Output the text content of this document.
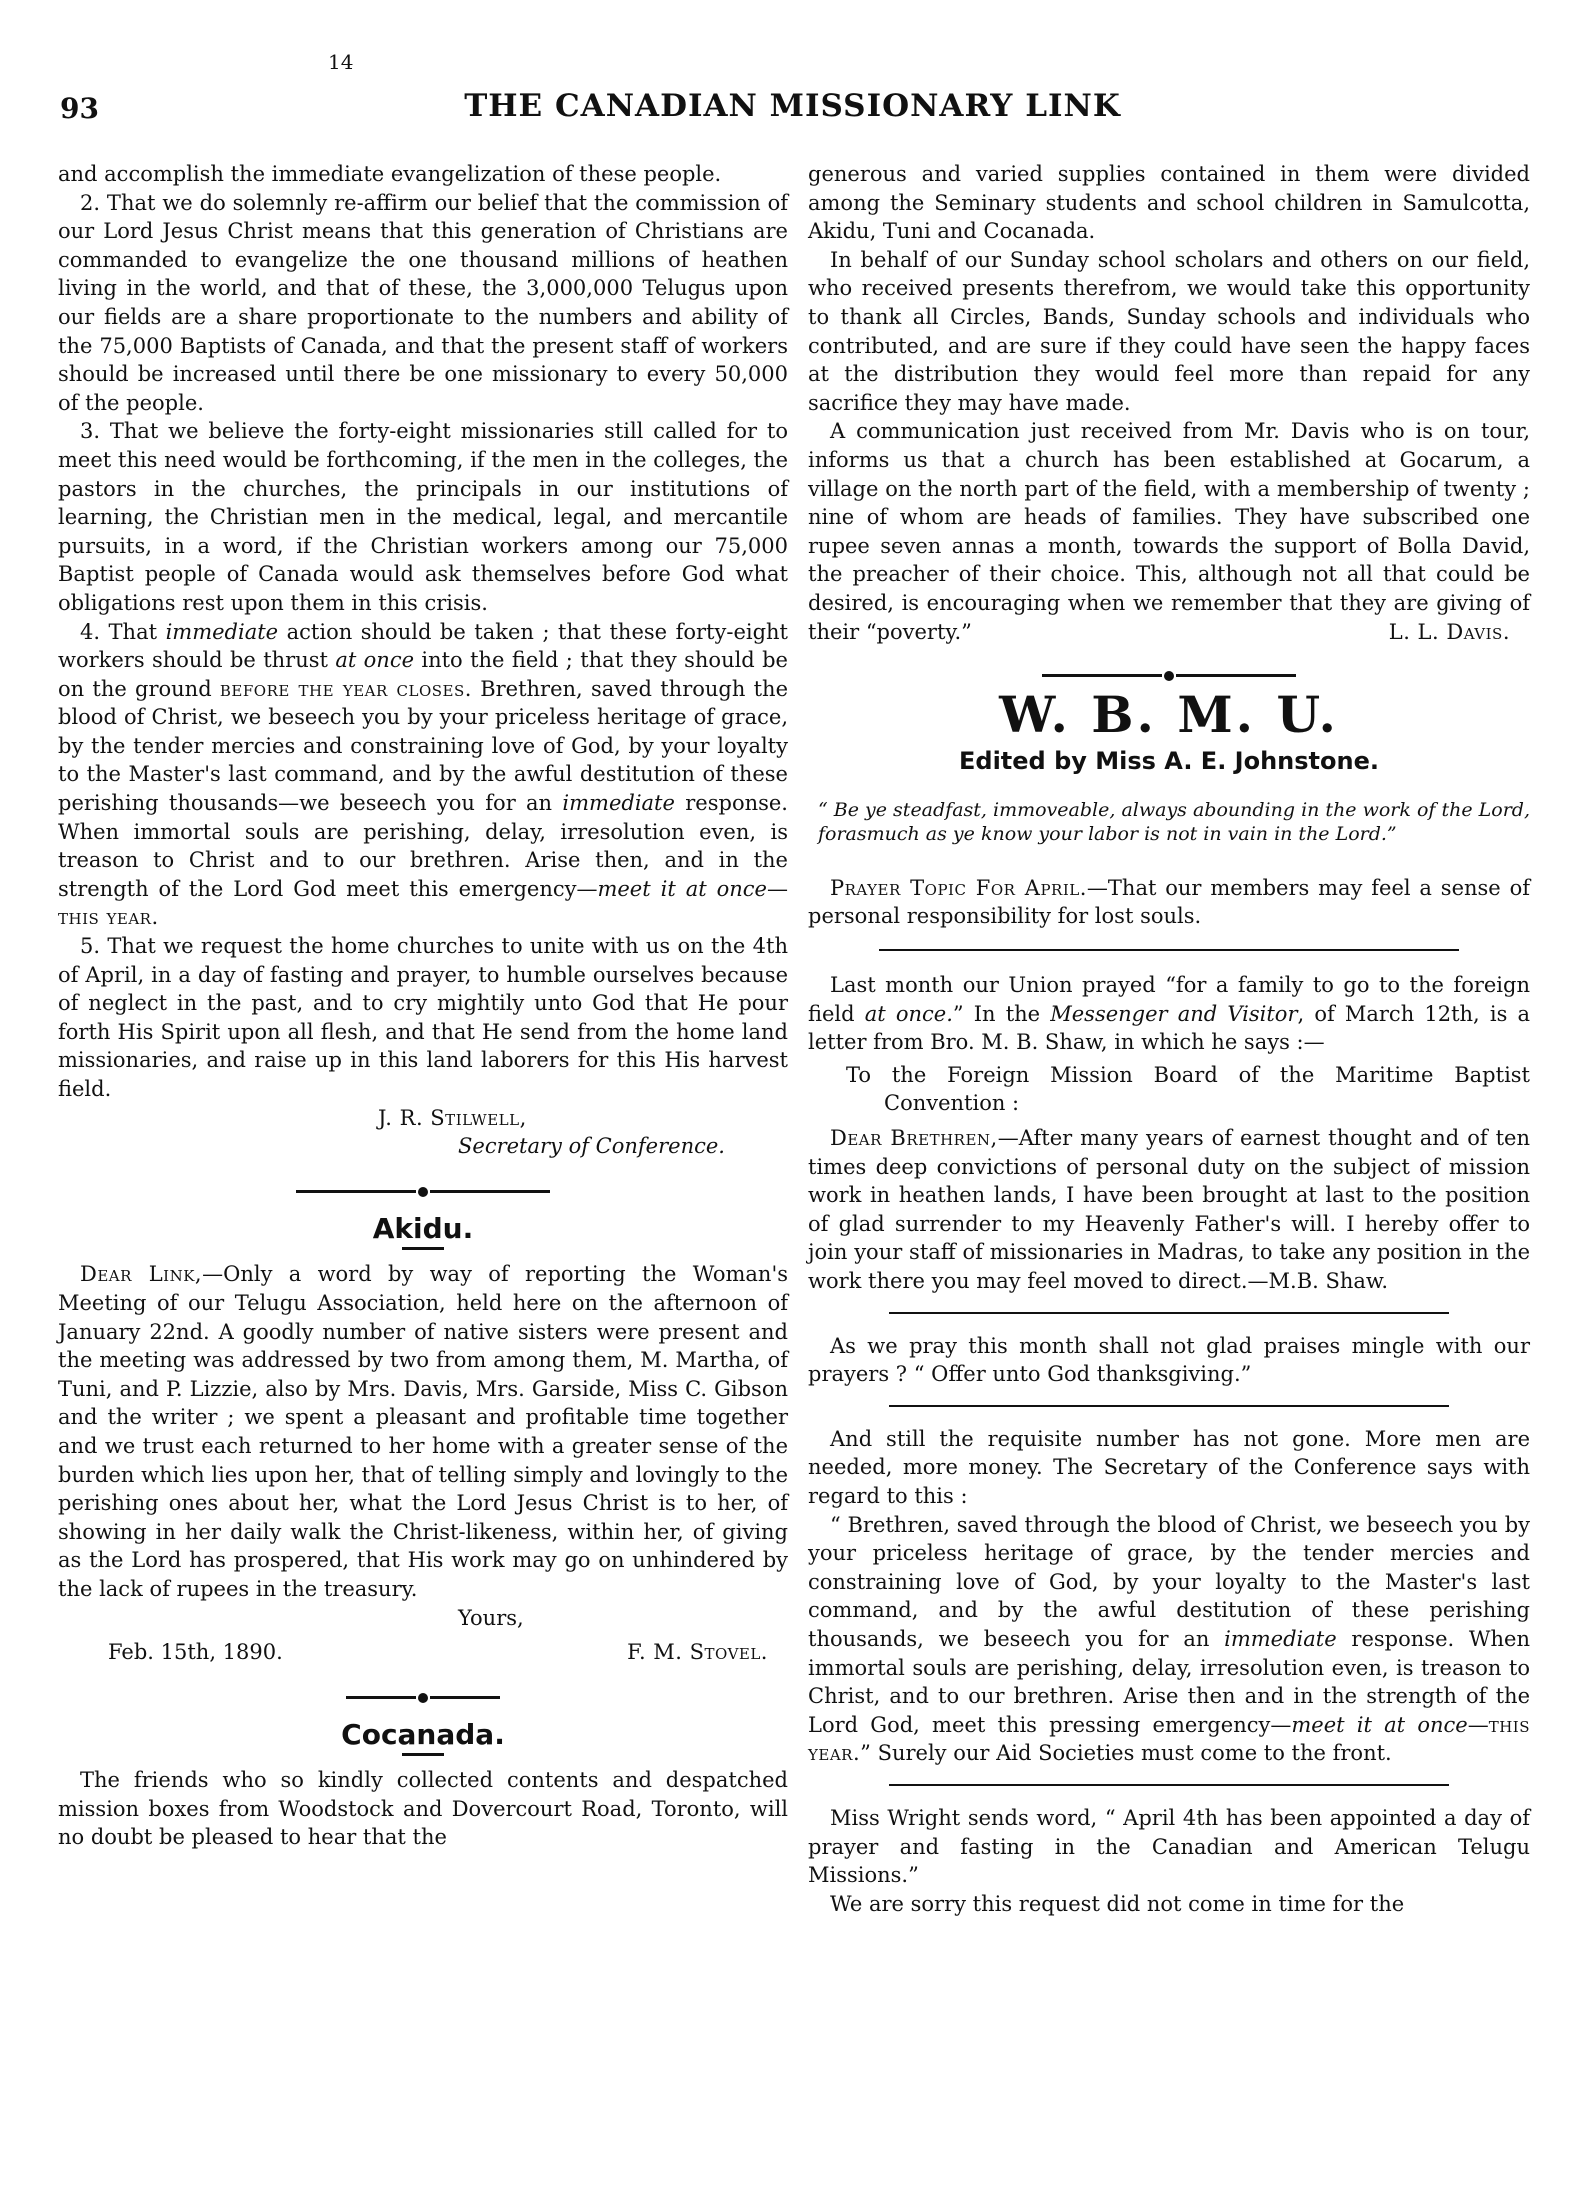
14
93	THE CANADIAN MISSIONARY LINK

and accomplish the immediate evangelization of these people.

2. That we do solemnly re-affirm our belief that the commission of our Lord Jesus Christ means that this generation of Christians are commanded to evangelize the one thousand millions of heathen living in the world, and that of these, the 3,000,000 Telugus upon our fields are a share proportionate to the numbers and ability of the 75,000 Baptists of Canada, and that the present staff of workers should be increased until there be one missionary to every 50,000 of the people.

3. That we believe the forty-eight missionaries still called for to meet this need would be forthcoming, if the men in the colleges, the pastors in the churches, the principals in our institutions of learning, the Christian men in the medical, legal, and mercantile pursuits, in a word, if the Christian workers among our 75,000 Baptist people of Canada would ask themselves before God what obligations rest upon them in this crisis.

4. That immediate action should be taken ; that these forty-eight workers should be thrust at once into the field ; that they should be on the ground before the year closes. Brethren, saved through the blood of Christ, we beseech you by your priceless heritage of grace, by the tender mercies and constraining love of God, by your loyalty to the Master's last command, and by the awful destitution of these perishing thousands—we beseech you for an immediate response. When immortal souls are perishing, delay, irresolution even, is treason to Christ and to our brethren. Arise then, and in the strength of the Lord God meet this emergency—meet it at once—this year.

5. That we request the home churches to unite with us on the 4th of April, in a day of fasting and prayer, to humble ourselves because of neglect in the past, and to cry mightily unto God that He pour forth His Spirit upon all flesh, and that He send from the home land missionaries, and raise up in this land laborers for this His harvest field.

J. R. Stilwell,

Secretary of Conference.

Akidu.

Dear Link,—Only a word by way of reporting the Woman's Meeting of our Telugu Association, held here on the afternoon of January 22nd. A goodly number of native sisters were present and the meeting was addressed by two from among them, M. Martha, of Tuni, and P. Lizzie, also by Mrs. Davis, Mrs. Garside, Miss C. Gibson and the writer ; we spent a pleasant and profitable time together and we trust each returned to her home with a greater sense of the burden which lies upon her, that of telling simply and lovingly to the perishing ones about her, what the Lord Jesus Christ is to her, of showing in her daily walk the Christ-likeness, within her, of giving as the Lord has prospered, that His work may go on unhindered by the lack of rupees in the treasury.

Yours,

Feb. 15th, 1890.	F. M. Stovel.
Cocanada.

The friends who so kindly collected contents and despatched mission boxes from Woodstock and Dovercourt Road, Toronto, will no doubt be pleased to hear that the

generous and varied supplies contained in them were divided among the Seminary students and school children in Samulcotta, Akidu, Tuni and Cocanada.

In behalf of our Sunday school scholars and others on our field, who received presents therefrom, we would take this opportunity to thank all Circles, Bands, Sunday schools and individuals who contributed, and are sure if they could have seen the happy faces at the distribution they would feel more than repaid for any sacrifice they may have made.

A communication just received from Mr. Davis who is on tour, informs us that a church has been established at Gocarum, a village on the north part of the field, with a membership of twenty ; nine of whom are heads of families. They have subscribed one rupee seven annas a month, towards the support of Bolla David, the preacher of their choice. This, although not all that could be desired, is encouraging when we remember that they are giving of their “poverty.”	L. L. Davis.

W. B. M. U.
Edited by Miss A. E. Johnstone.

“ Be ye steadfast, immoveable, always abounding in the work of the Lord, forasmuch as ye know your labor is not in vain in the Lord.”

Prayer Topic For April.—That our members may feel a sense of personal responsibility for lost souls.

Last month our Union prayed “for a family to go to the foreign field at once.” In the Messenger and Visitor, of March 12th, is a letter from Bro. M. B. Shaw, in which he says :—

To the Foreign Mission Board of the Maritime Baptist Convention :

Dear Brethren,—After many years of earnest thought and of ten times deep convictions of personal duty on the subject of mission work in heathen lands, I have been brought at last to the position of glad surrender to my Heavenly Father's will. I hereby offer to join your staff of missionaries in Madras, to take any position in the work there you may feel moved to direct.—M.B. Shaw.

As we pray this month shall not glad praises mingle with our prayers ? “ Offer unto God thanksgiving.”

And still the requisite number has not gone. More men are needed, more money. The Secretary of the Conference says with regard to this :

“ Brethren, saved through the blood of Christ, we beseech you by your priceless heritage of grace, by the tender mercies and constraining love of God, by your loyalty to the Master's last command, and by the awful destitution of these perishing thousands, we beseech you for an immediate response. When immortal souls are perishing, delay, irresolution even, is treason to Christ, and to our brethren. Arise then and in the strength of the Lord God, meet this pressing emergency—meet it at once—this year.” Surely our Aid Societies must come to the front.

Miss Wright sends word, “ April 4th has been appointed a day of prayer and fasting in the Canadian and American Telugu Missions.”

We are sorry this request did not come in time for the
